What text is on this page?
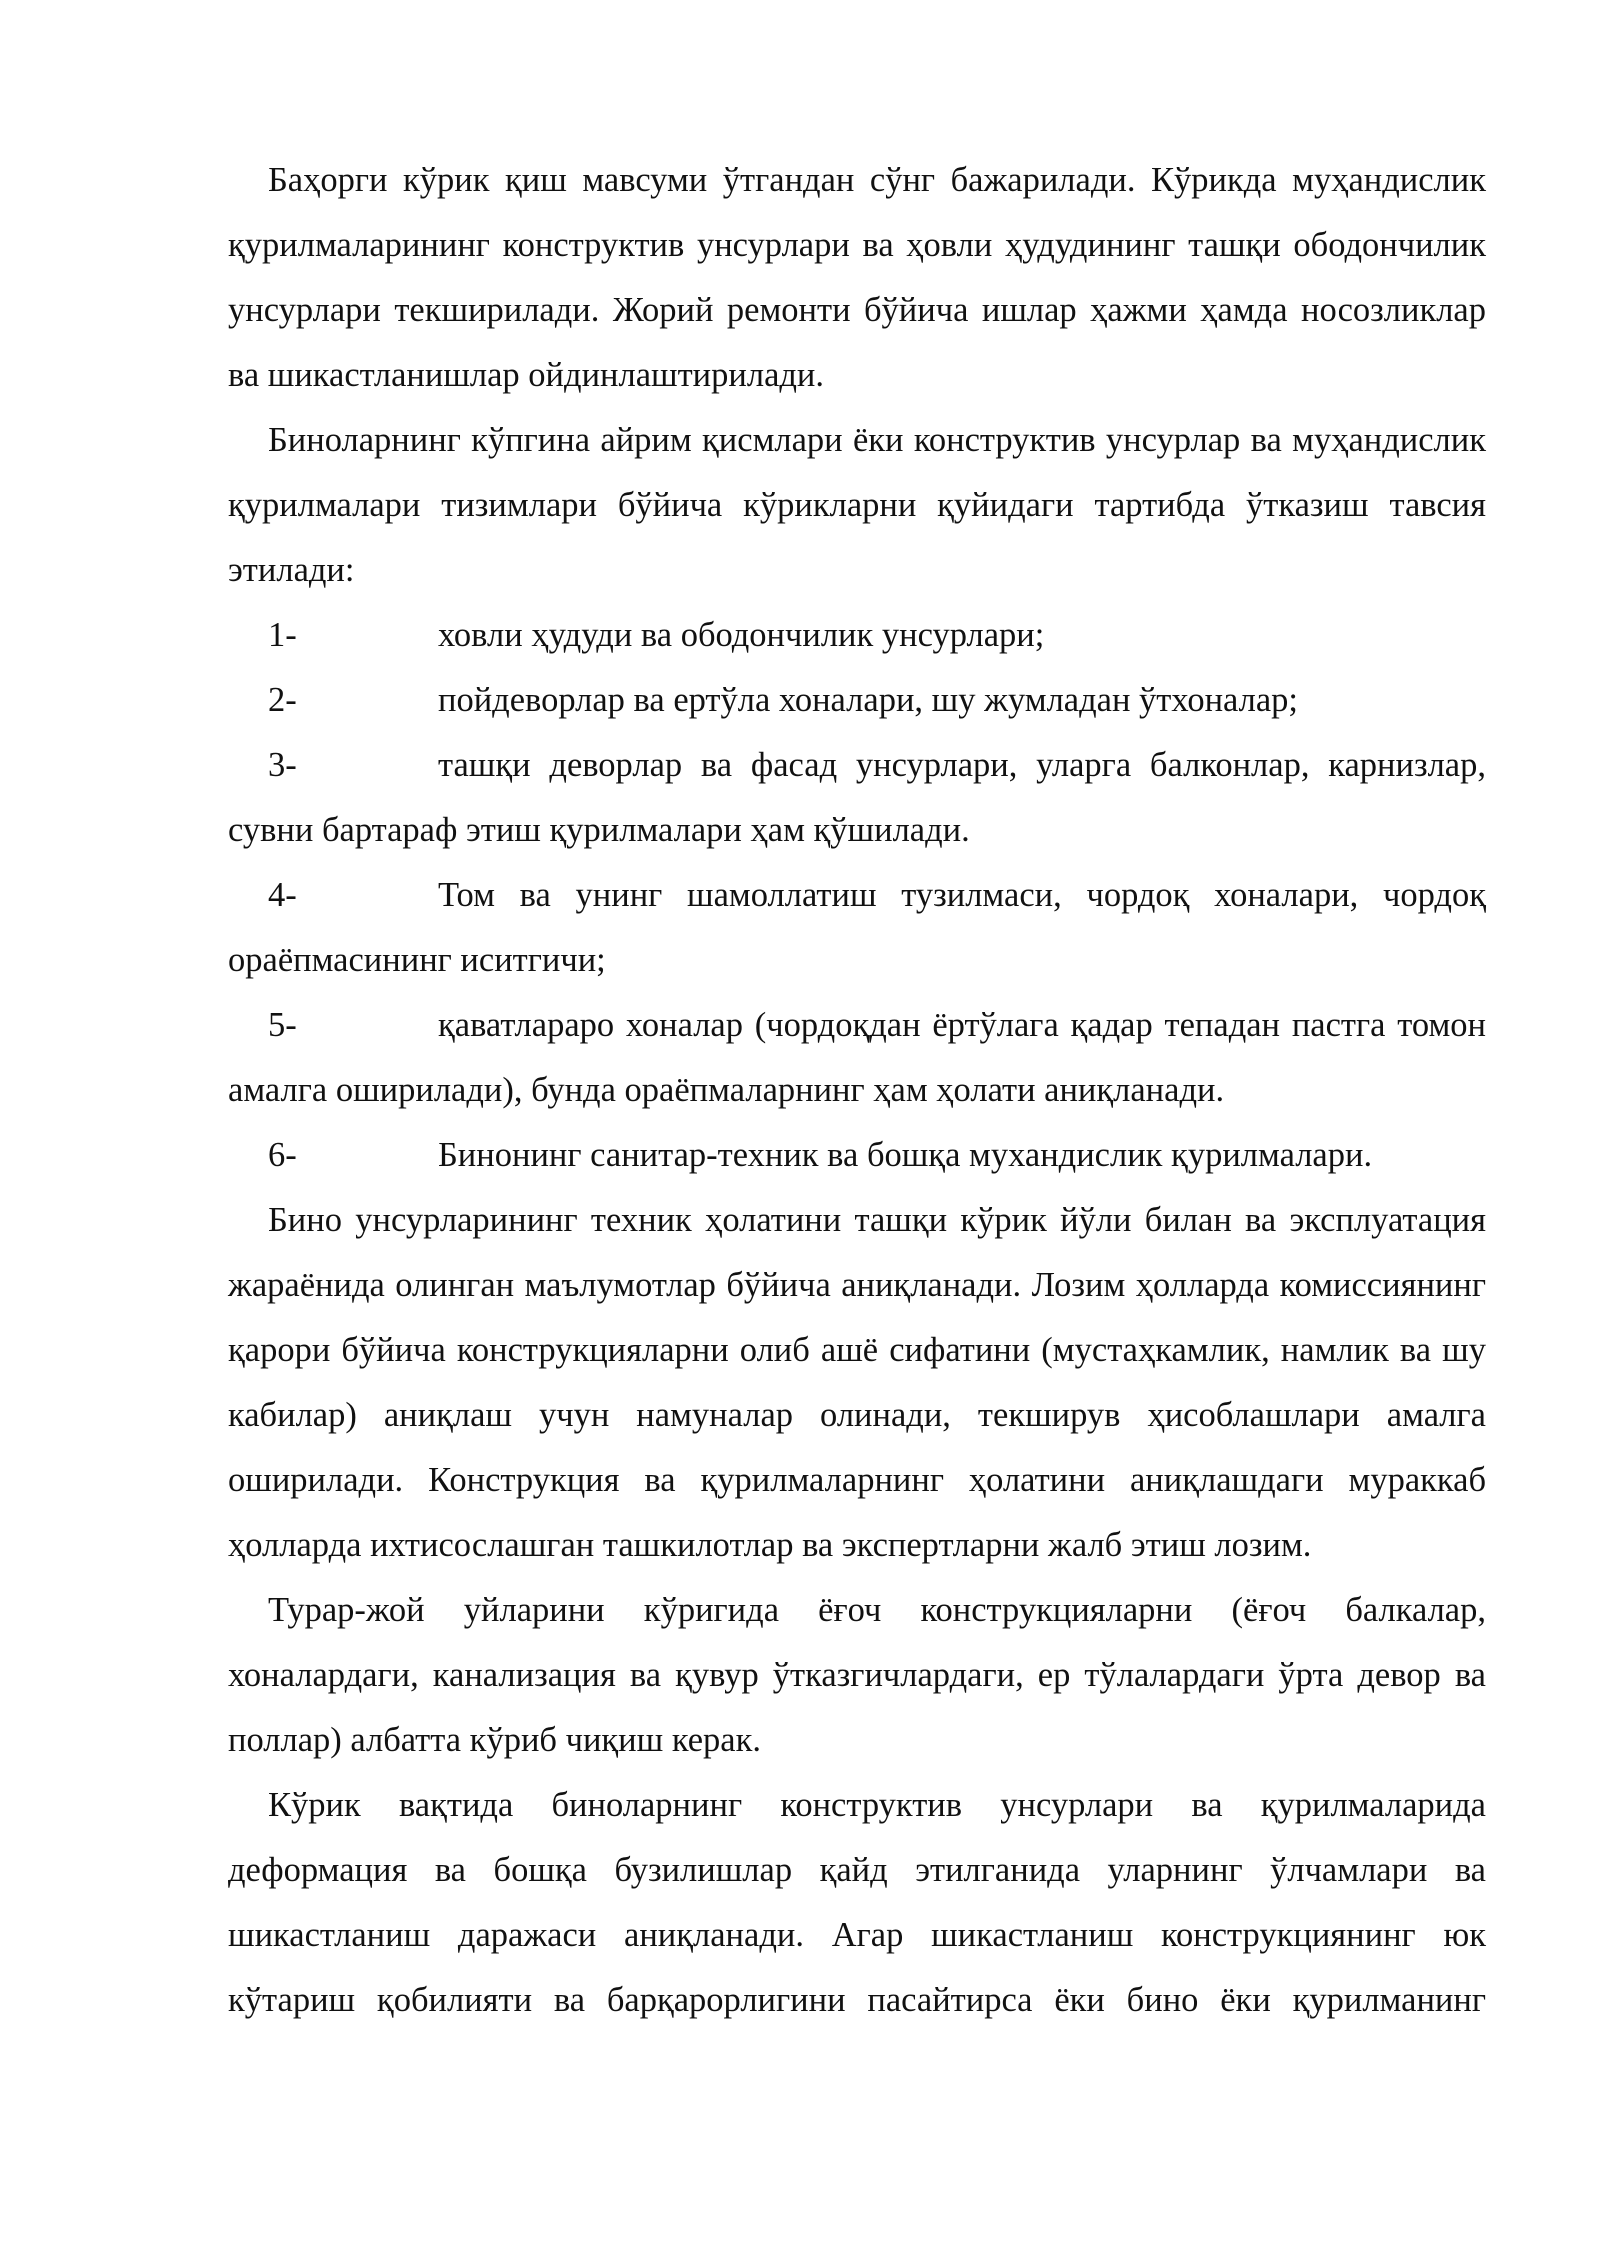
Баҳорги кўрик қиш мавсуми ўтгандан сўнг бажарилади. Кўрикда муҳандислик қурилмаларининг конструктив унсурлари ва ҳовли ҳудудининг ташқи ободончилик унсурлари текширилади. Жорий ремонти бўйича ишлар ҳажми ҳамда носозликлар ва шикастланишлар ойдинлаштирилади.

Биноларнинг кўпгина айрим қисмлари ёки конструктив унсурлар ва муҳандислик қурилмалари тизимлари бўйича кўрикларни қуйидаги тартибда ўтказиш тавсия этилади:

1-	ховли ҳудуди ва ободончилик унсурлари;

2-	пойдеворлар ва ертўла хоналари, шу жумладан ўтхоналар;

3-	ташқи деворлар ва фасад унсурлари, уларга балконлар, карнизлар, сувни бартараф этиш қурилмалари ҳам қўшилади.

4-	Том ва унинг шамоллатиш тузилмаси, чордоқ хоналари, чордоқ ораёпмасининг иситгичи;

5-	қаватлараро хоналар (чордоқдан ёртўлага қадар тепадан пастга томон амалга оширилади), бунда ораёпмаларнинг ҳам ҳолати аниқланади.

6-	Бинонинг санитар-техник ва бошқа мухандислик қурилмалари.

Бино унсурларининг техник ҳолатини ташқи кўрик йўли билан ва эксплуатация жараёнида олинган маълумотлар бўйича аниқланади. Лозим ҳолларда комиссиянинг қарори бўйича конструкцияларни олиб ашё сифатини (мустаҳкамлик, намлик ва шу кабилар) аниқлаш учун намуналар олинади, текширув ҳисоблашлари амалга оширилади. Конструкция ва қурилмаларнинг ҳолатини аниқлашдаги мураккаб ҳолларда ихтисослашган ташкилотлар ва экспертларни жалб этиш лозим.

Турар-жой уйларини кўригида ёғоч конструкцияларни (ёғоч балкалар, хоналардаги, канализация ва қувур ўтказгичлардаги, ер тўлалардаги ўрта девор ва поллар) албатта кўриб чиқиш керак.

Кўрик вақтида биноларнинг конструктив унсурлари ва қурилмаларида деформация ва бошқа бузилишлар қайд этилганида уларнинг ўлчамлари ва шикастланиш даражаси аниқланади. Агар шикастланиш конструкциянинг юк кўтариш қобилияти ва барқарорлигини пасайтирса ёки бино ёки қурилманинг
